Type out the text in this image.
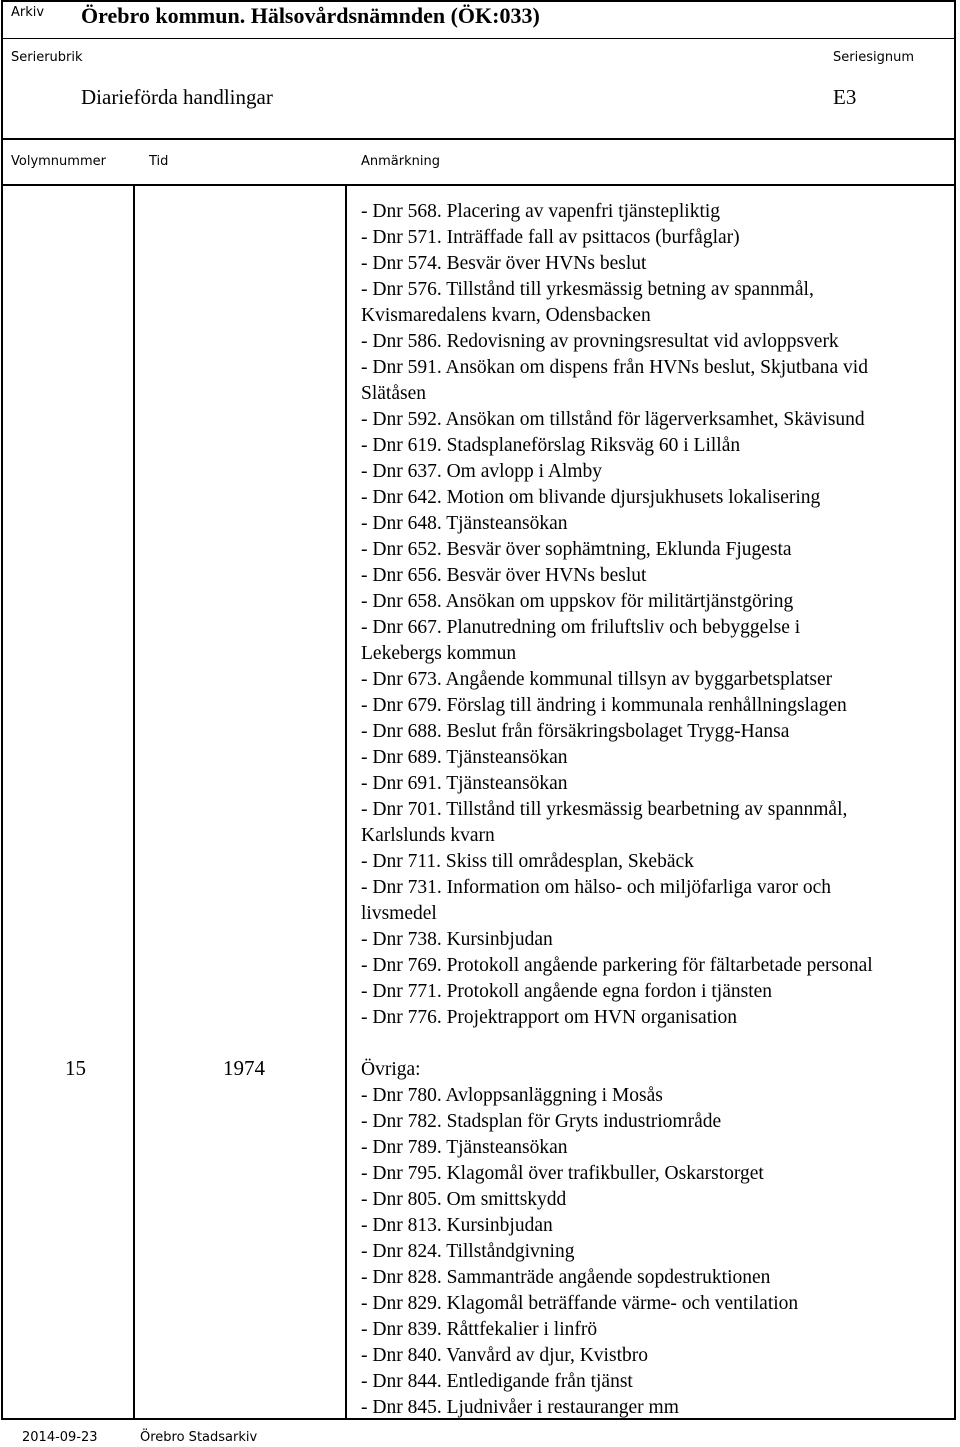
Arkiv Örebro kommun. Hälsovårdsnämnden (ÖK:033)
Serierubrik
Diarieförda handlingar
Seriesignum
E3
Volymnummer	Tid	Anmärkning
15	1974
- Dnr 568. Placering av vapenfri tjänstepliktig
- Dnr 571. Inträffade fall av psittacos (burfåglar)
- Dnr 574. Besvär över HVNs beslut
- Dnr 576. Tillstånd till yrkesmässig betning av spannmål,
Kvismaredalens kvarn, Odensbacken
- Dnr 586. Redovisning av provningsresultat vid avloppsverk
- Dnr 591. Ansökan om dispens från HVNs beslut, Skjutbana vid
Slätåsen
- Dnr 592. Ansökan om tillstånd för lägerverksamhet, Skävisund
- Dnr 619. Stadsplaneförslag Riksväg 60 i Lillån
- Dnr 637. Om avlopp i Almby
- Dnr 642. Motion om blivande djursjukhusets lokalisering
- Dnr 648. Tjänsteansökan
- Dnr 652. Besvär över sophämtning, Eklunda Fjugesta
- Dnr 656. Besvär över HVNs beslut
- Dnr 658. Ansökan om uppskov för militärtjänstgöring
- Dnr 667. Planutredning om friluftsliv och bebyggelse i
Lekebergs kommun
- Dnr 673. Angående kommunal tillsyn av byggarbetsplatser
- Dnr 679. Förslag till ändring i kommunala renhållningslagen
- Dnr 688. Beslut från försäkringsbolaget Trygg-Hansa
- Dnr 689. Tjänsteansökan
- Dnr 691. Tjänsteansökan
- Dnr 701. Tillstånd till yrkesmässig bearbetning av spannmål,
Karlslunds kvarn
- Dnr 711. Skiss till områdesplan, Skebäck
- Dnr 731. Information om hälso- och miljöfarliga varor och
livsmedel
- Dnr 738. Kursinbjudan
- Dnr 769. Protokoll angående parkering för fältarbetade personal
- Dnr 771. Protokoll angående egna fordon i tjänsten
- Dnr 776. Projektrapport om HVN organisation

Övriga:
- Dnr 780. Avloppsanläggning i Mosås
- Dnr 782. Stadsplan för Gryts industriområde
- Dnr 789. Tjänsteansökan
- Dnr 795. Klagomål över trafikbuller, Oskarstorget
- Dnr 805. Om smittskydd
- Dnr 813. Kursinbjudan
- Dnr 824. Tillståndgivning
- Dnr 828. Sammanträde angående sopdestruktionen
- Dnr 829. Klagomål beträffande värme- och ventilation
- Dnr 839. Råttfekalier i linfrö
- Dnr 840. Vanvård av djur, Kvistbro
- Dnr 844. Entledigande från tjänst
- Dnr 845. Ljudnivåer i restauranger mm
2014-09-23	Örebro Stadsarkiv
